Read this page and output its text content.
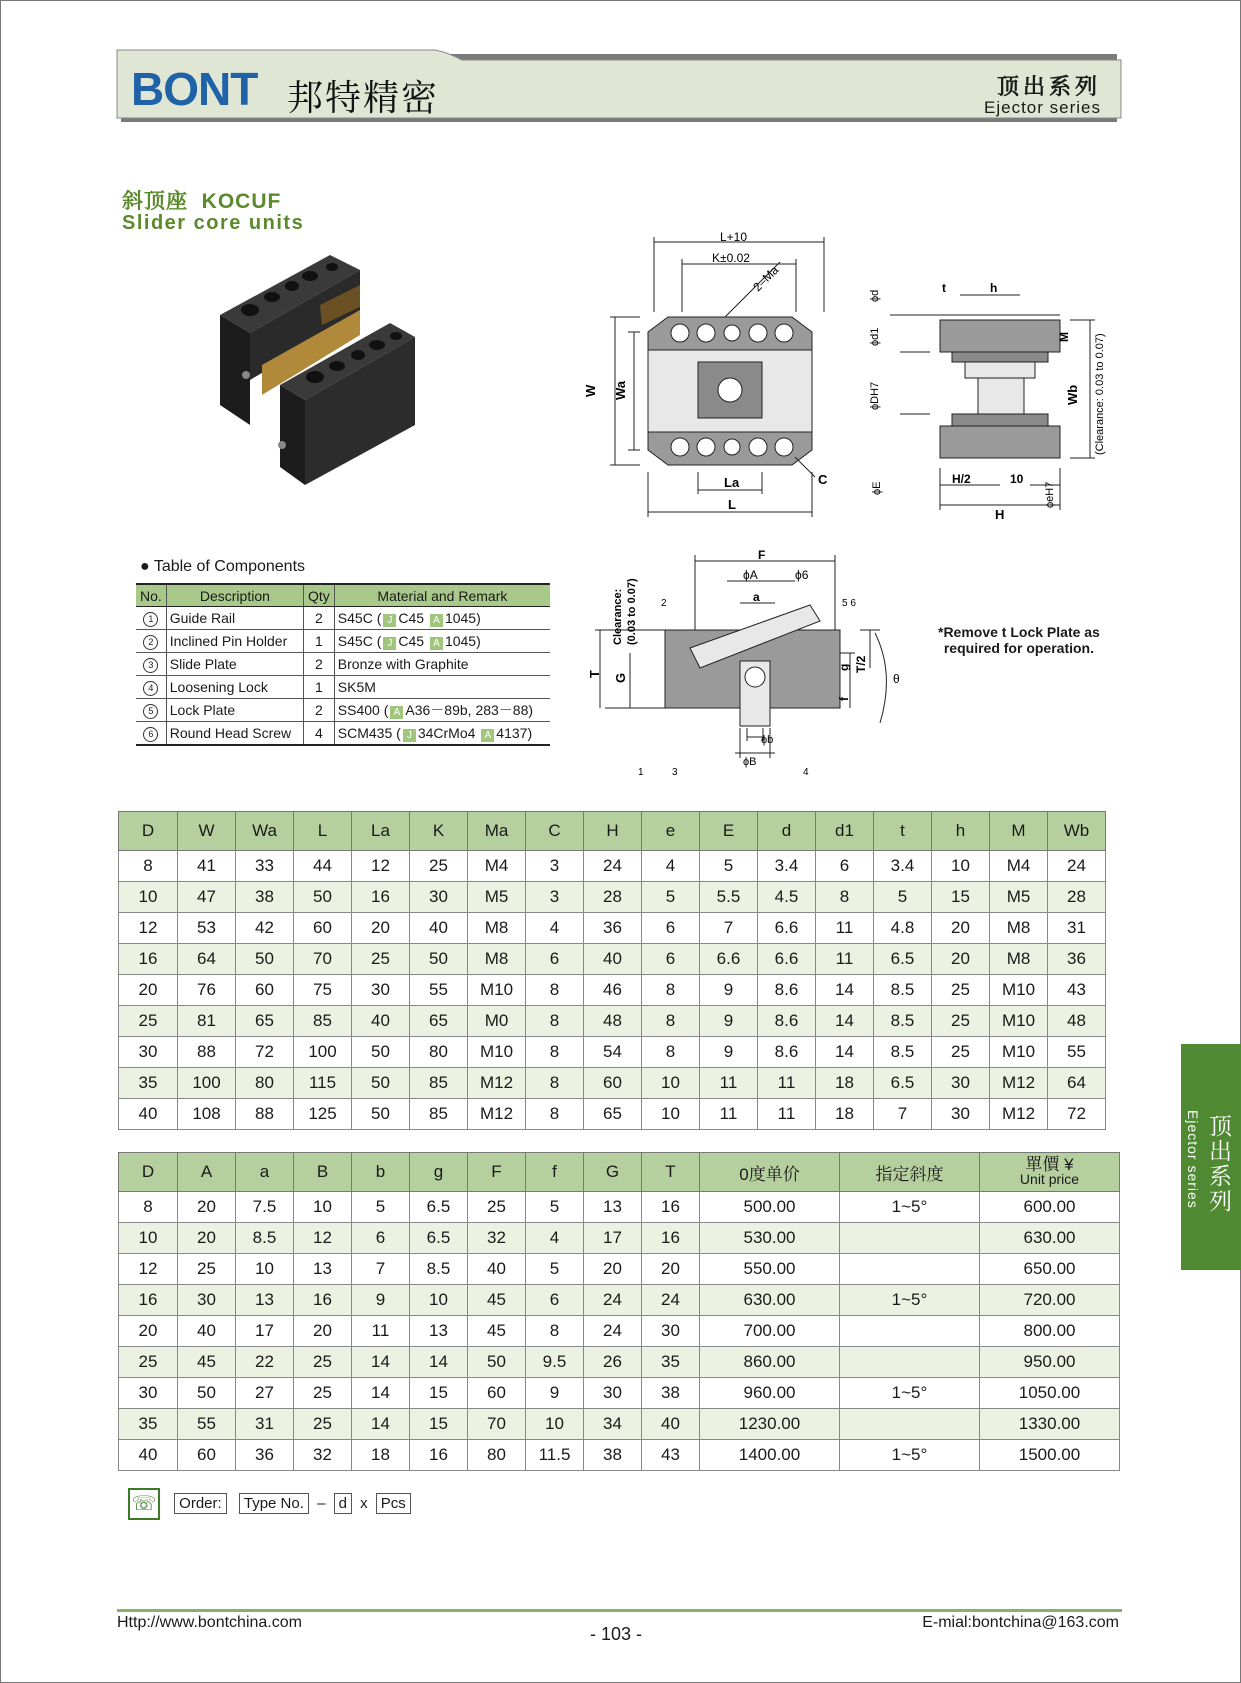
BONT 邦特精密	顶出系列
Ejector series
斜顶座 KOCUF
Slider core units
L+10
K±0.02
2–Ma
W Wa
La
L
C
ϕd
t	h
ϕd1	M
ϕDH7	Wb (Clearance: 0.03 to 0.07)
ϕE
H/2	10
ϕeH7
H
F
ϕA	ϕ6
a
Clearance: (0.03 to 0.07)
T G
g T/2
f
θ
ϕb
ϕB
2	5 6
1	3	4
*Remove t Lock Plate as
required for operation.
● Table of Components
No.	Description	Qty	Material and Remark
1	Guide Rail	2	S45C ( J C45 A 1045)
2	Inclined Pin Holder	1	S45C ( J C45 A 1045)
3	Slide Plate	2	Bronze with Graphite
4	Loosening Lock	1	SK5M
5	Lock Plate	2	SS400 ( A A36－89b, 283－88)
6	Round Head Screw	4	SCM435 ( J 34CrMo4 A 4137)
D	W	Wa	L	La	K	Ma	C	H	e	E	d	d1	t	h	M	Wb
8	41	33	44	12	25	M4	3	24	4	5	3.4	6	3.4	10	M4	24
10	47	38	50	16	30	M5	3	28	5	5.5	4.5	8	5	15	M5	28
12	53	42	60	20	40	M8	4	36	6	7	6.6	11	4.8	20	M8	31
16	64	50	70	25	50	M8	6	40	6	6.6	6.6	11	6.5	20	M8	36
20	76	60	75	30	55	M10	8	46	8	9	8.6	14	8.5	25	M10	43
25	81	65	85	40	65	M0	8	48	8	9	8.6	14	8.5	25	M10	48
30	88	72	100	50	80	M10	8	54	8	9	8.6	14	8.5	25	M10	55
35	100	80	115	50	85	M12	8	60	10	11	11	18	6.5	30	M12	64
40	108	88	125	50	85	M12	8	65	10	11	11	18	7	30	M12	72
D	A	a	B	b	g	F	f	G	T	0度单价	指定斜度	單價 ¥
Unit price

8	20	7.5	10	5	6.5	25	5	13	16	500.00	1~5°	600.00
10	20	8.5	12	6	6.5	32	4	17	16	530.00		630.00
12	25	10	13	7	8.5	40	5	20	20	550.00		650.00
16	30	13	16	9	10	45	6	24	24	630.00	1~5°	720.00
20	40	17	20	11	13	45	8	24	30	700.00		800.00
25	45	22	25	14	14	50	9.5	26	35	860.00		950.00
30	50	27	25	14	15	60	9	30	38	960.00	1~5°	1050.00
35	55	31	25	14	15	70	10	34	40	1230.00		1330.00
40	60	36	32	18	16	80	11.5	38	43	1400.00	1~5°	1500.00
☏ Order: Type No. – d x Pcs
顶出系列
Ejector series
Http://www.bontchina.com
- 103 -
E-mial:bontchina@163.com
